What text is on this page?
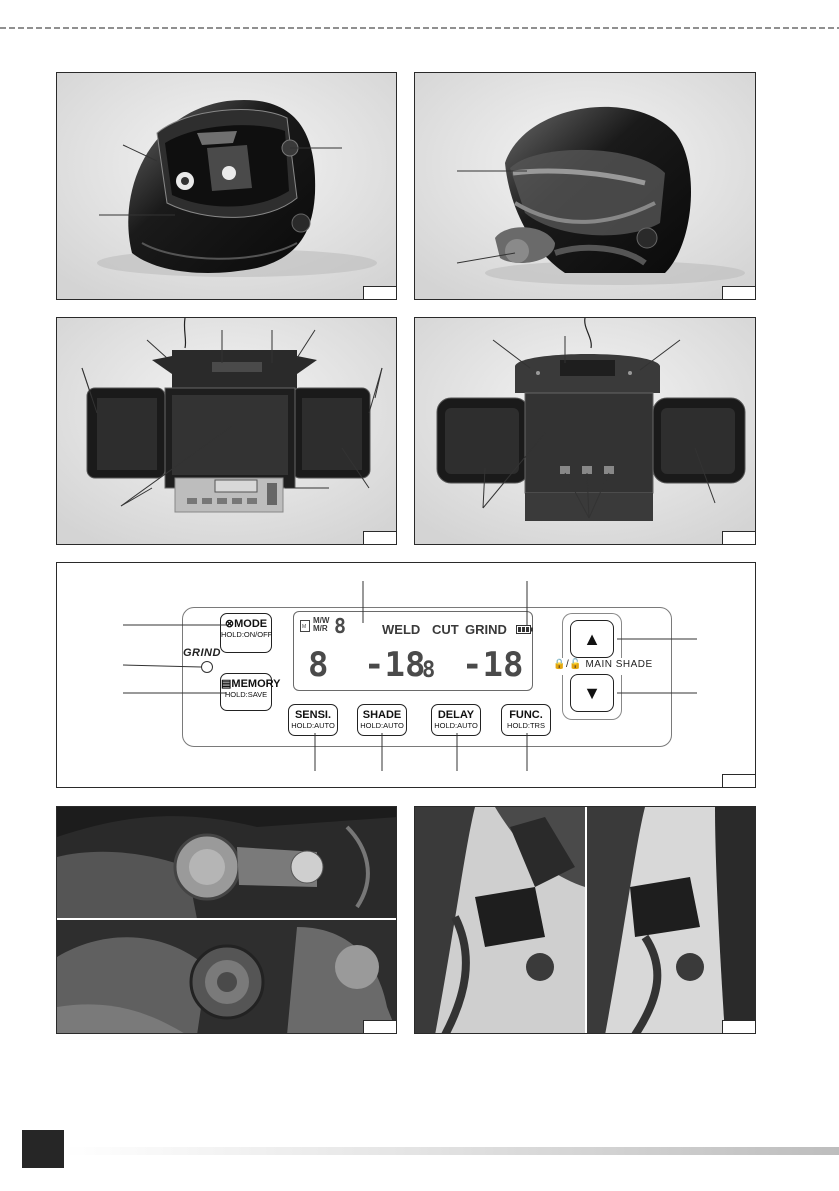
M
M/W
M/R 8	WELD CUT GRIND
8 -18
8 -18
⊗MODE
HOLD:ON/OFF
GRIND
▤MEMORY
HOLD:SAVE
SENSI.
HOLD:AUTO
SHADE
HOLD:AUTO
DELAY
HOLD:AUTO
FUNC.
HOLD:TRS
▲
▼
🔒/🔓 MAIN SHADE
